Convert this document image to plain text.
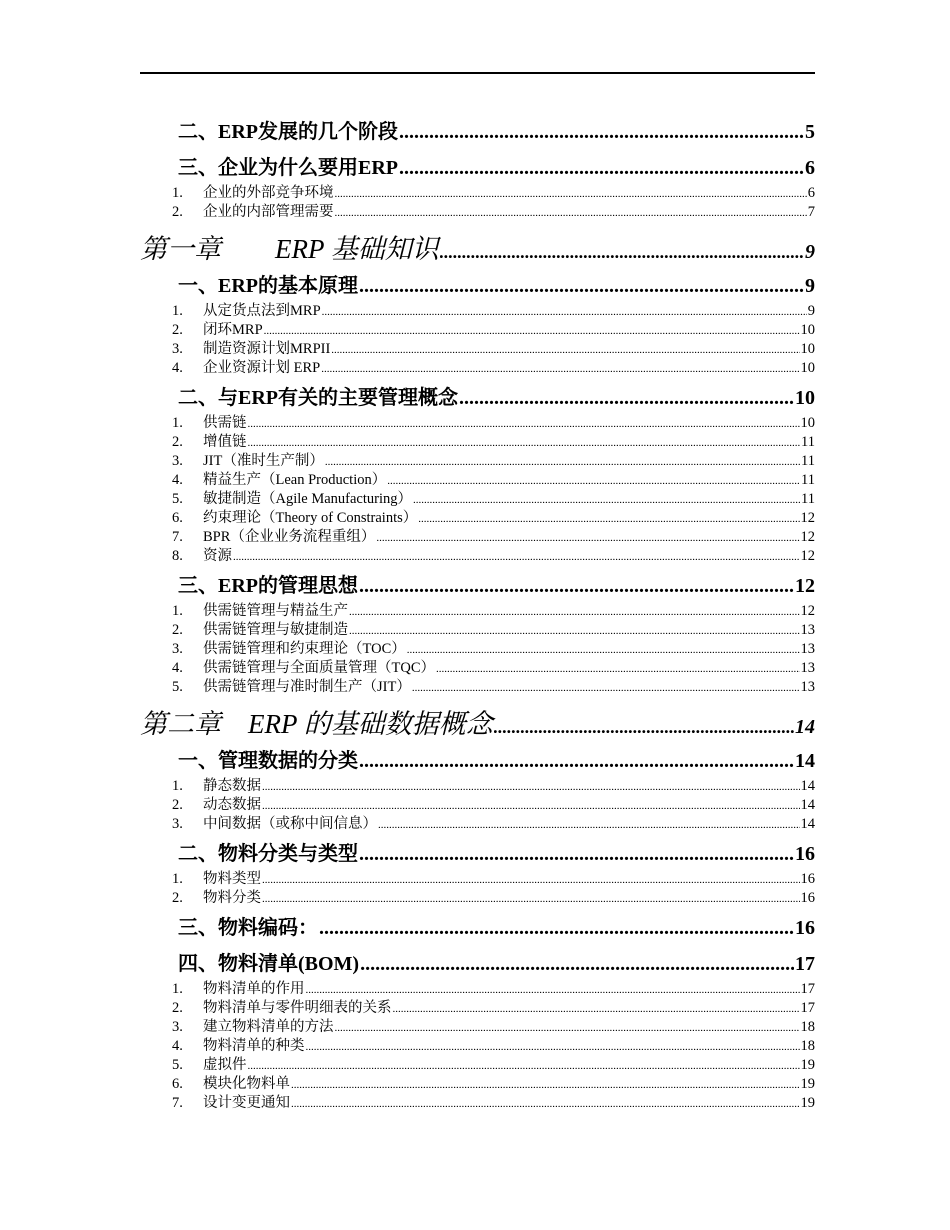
二、ERP发展的几个阶段 .....	5
三、企业为什么要用ERP .....	6
1.	企业的外部竞争环境 .....	6
2.	企业的内部管理需要 .....	7
第一章　　ERP 基础知识 .....	9
一、ERP的基本原理 .....	9
1.	从定货点法到MRP .....	9
2.	闭环MRP .....	10
3.	制造资源计划MRPII .....	10
4.	企业资源计划 ERP .....	10
二、与ERP有关的主要管理概念 .....	10
1.	供需链 .....	10
2.	增值链 .....	11
3.	JIT（准时生产制） .....	11
4.	精益生产（Lean Production） .....	11
5.	敏捷制造（Agile Manufacturing） .....	11
6.	约束理论（Theory of Constraints） .....	12
7.	BPR（企业业务流程重组） .....	12
8.	资源 .....	12
三、ERP的管理思想 .....	12
1.	供需链管理与精益生产 .....	12
2.	供需链管理与敏捷制造 .....	13
3.	供需链管理和约束理论（TOC） .....	13
4.	供需链管理与全面质量管理（TQC） .....	13
5.	供需链管理与准时制生产（JIT） .....	13
第二章　ERP 的基础数据概念 .....	14
一、管理数据的分类 .....	14
1.	静态数据 .....	14
2.	动态数据 .....	14
3.	中间数据（或称中间信息） .....	14
二、物料分类与类型 .....	16
1.	物料类型 .....	16
2.	物料分类 .....	16
三、物料编码： .....	16
四、物料清单(BOM) .....	17
1.	物料清单的作用 .....	17
2.	物料清单与零件明细表的关系 .....	17
3.	建立物料清单的方法 .....	18
4.	物料清单的种类 .....	18
5.	虚拟件 .....	19
6.	模块化物料单 .....	19
7.	设计变更通知 .....	19
